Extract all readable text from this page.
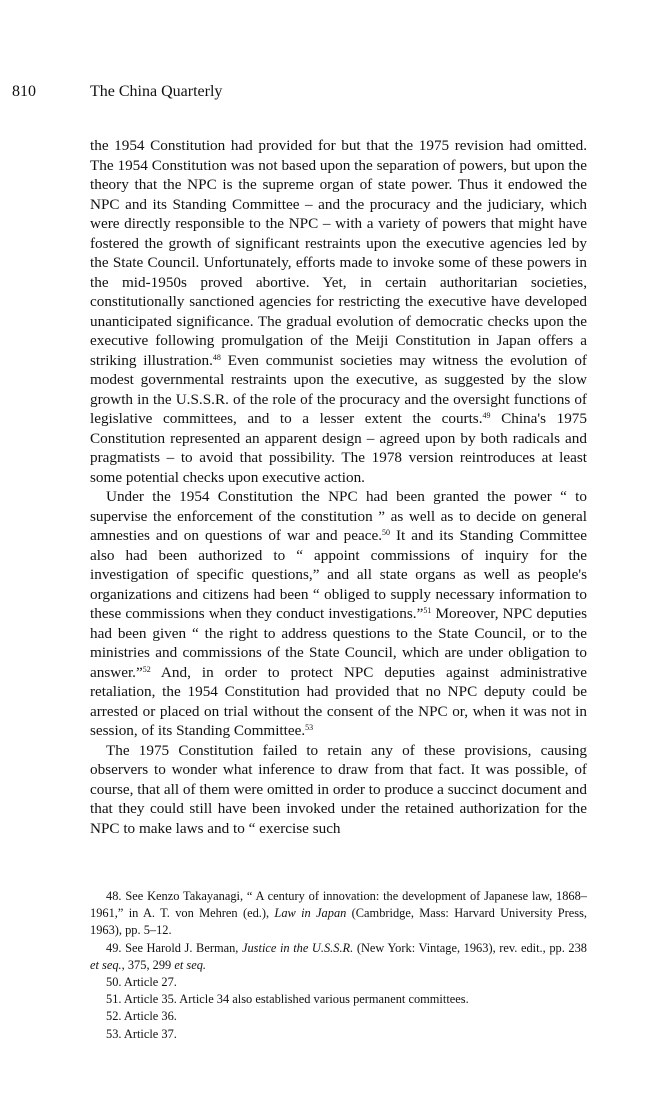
810	The China Quarterly

the 1954 Constitution had provided for but that the 1975 revision had omitted. The 1954 Constitution was not based upon the separation of powers, but upon the theory that the NPC is the supreme organ of state power. Thus it endowed the NPC and its Standing Committee – and the procuracy and the judiciary, which were directly responsible to the NPC – with a variety of powers that might have fostered the growth of significant restraints upon the executive agencies led by the State Council. Unfortunately, efforts made to invoke some of these powers in the mid-1950s proved abortive. Yet, in certain authoritarian societies, constitutionally sanctioned agencies for restricting the executive have developed unanticipated significance. The gradual evolution of democratic checks upon the executive following promulgation of the Meiji Constitution in Japan offers a striking illustration.$^{48}$ Even communist societies may witness the evolution of modest governmental restraints upon the executive, as suggested by the slow growth in the U.S.S.R. of the role of the procuracy and the oversight functions of legislative committees, and to a lesser extent the courts.$^{49}$ China's 1975 Constitution represented an apparent design – agreed upon by both radicals and pragmatists – to avoid that possibility. The 1978 version reintroduces at least some potential checks upon executive action.

Under the 1954 Constitution the NPC had been granted the power “ to supervise the enforcement of the constitution ” as well as to decide on general amnesties and on questions of war and peace.$^{50}$ It and its Standing Committee also had been authorized to “ appoint commissions of inquiry for the investigation of specific questions,” and all state organs as well as people's organizations and citizens had been “ obliged to supply necessary information to these commissions when they conduct investigations.”$^{51}$ Moreover, NPC deputies had been given “ the right to address questions to the State Council, or to the ministries and commissions of the State Council, which are under obligation to answer.”$^{52}$ And, in order to protect NPC deputies against administrative retaliation, the 1954 Constitution had provided that no NPC deputy could be arrested or placed on trial without the consent of the NPC or, when it was not in session, of its Standing Committee.$^{53}$

The 1975 Constitution failed to retain any of these provisions, causing observers to wonder what inference to draw from that fact. It was possible, of course, that all of them were omitted in order to produce a succinct document and that they could still have been invoked under the retained authorization for the NPC to make laws and to “ exercise such

48. See Kenzo Takayanagi, “ A century of innovation: the development of Japanese law, 1868–1961,” in A. T. von Mehren (ed.), Law in Japan (Cambridge, Mass: Harvard University Press, 1963), pp. 5–12.

49. See Harold J. Berman, Justice in the U.S.S.R. (New York: Vintage, 1963), rev. edit., pp. 238 et seq., 375, 299 et seq.

50. Article 27.

51. Article 35. Article 34 also established various permanent committees.

52. Article 36.

53. Article 37.
